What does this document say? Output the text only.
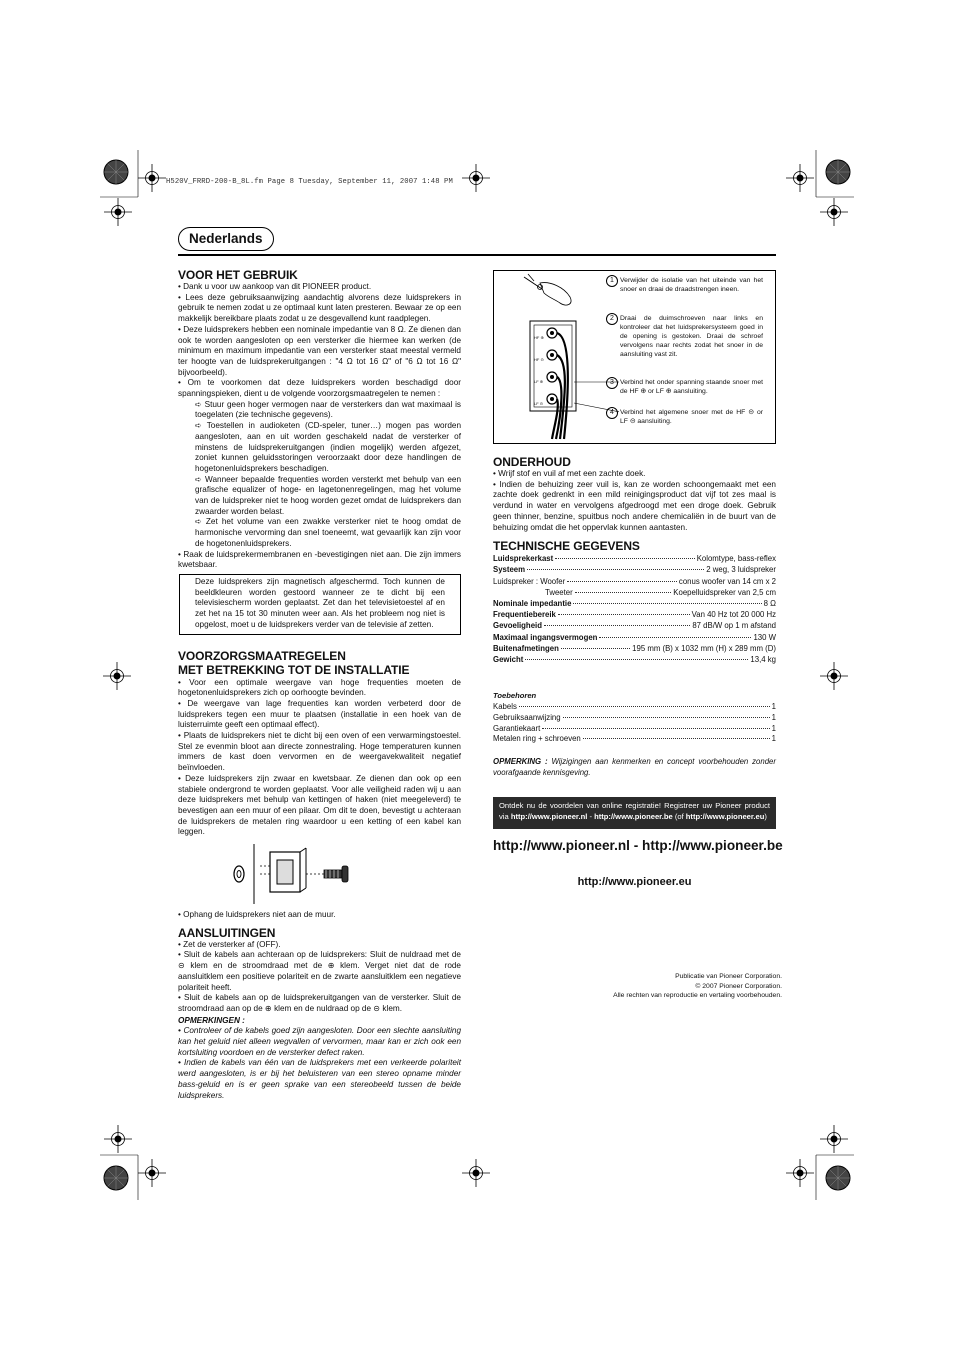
H520V_FRRD-200-B_8L.fm Page 8 Tuesday, September 11, 2007 1:48 PM
Nederlands
VOOR HET GEBRUIK

• Dank u voor uw aankoop van dit PIONEER product.

• Lees deze gebruiksaanwijzing aandachtig alvorens deze luidsprekers in gebruik te nemen zodat u ze optimaal kunt laten presteren. Bewaar ze op een makkelijk bereikbare plaats zodat u ze desgevallend kunt raadplegen.

• Deze luidsprekers hebben een nominale impedantie van 8 Ω. Ze dienen dan ook te worden aangesloten op een versterker die hiermee kan werken (de minimum en maximum impedantie van een versterker staat meestal vermeld ter hoogte van de luidsprekeruitgangen : "4 Ω tot 16 Ω" of "6 Ω tot 16 Ω" bijvoorbeeld).

• Om te voorkomen dat deze luidsprekers worden beschadigd door spanningspieken, dient u de volgende voorzorgsmaatregelen te nemen :

➪ Stuur geen hoger vermogen naar de versterkers dan wat maximaal is toegelaten (zie technische gegevens).

➪ Toestellen in audioketen (CD-speler, tuner…) mogen pas worden aangesloten, aan en uit worden geschakeld nadat de versterker of minstens de luidsprekeruitgangen (indien mogelijk) werden afgezet, zoniet kunnen geluidsstoringen veroorzaakt door deze handlingen de hogetonenluidsprekers beschadigen.

➪ Wanneer bepaalde frequenties worden versterkt met behulp van een grafische equalizer of hoge- en lagetonenregelingen, mag het volume van de luidspreker niet te hoog worden gezet omdat de luidsprekers dan zwaarder worden belast.

➪ Zet het volume van een zwakke versterker niet te hoog omdat de harmonische vervorming dan snel toeneemt, wat gevaarlijk kan zijn voor de hogetonenluidsprekers.

• Raak de luidsprekermembranen en -bevestigingen niet aan. Die zijn immers kwetsbaar.

Deze luidsprekers zijn magnetisch afgeschermd. Toch kunnen de beeldkleuren worden gestoord wanneer ze te dicht bij een televisiescherm worden geplaatst. Zet dan het televisietoestel af en zet het na 15 tot 30 minuten weer aan. Als het probleem nog niet is opgelost, moet u de luidsprekers verder van de televisie af zetten.

VOORZORGSMAATREGELEN
MET BETREKKING TOT DE INSTALLATIE

• Voor een optimale weergave van hoge frequenties moeten de hogetonenluidsprekers zich op oorhoogte bevinden.

• De weergave van lage frequenties kan worden verbeterd door de luidsprekers tegen een muur te plaatsen (installatie in een hoek van de luisterruimte geeft een optimaal effect).

• Plaats de luidsprekers niet te dicht bij een oven of een verwarmingstoestel. Stel ze evenmin bloot aan directe zonnestraling. Hoge temperaturen kunnen immers de kast doen vervormen en de weergavekwaliteit negatief beïnvloeden.

• Deze luidsprekers zijn zwaar en kwetsbaar. Ze dienen dan ook op een stabiele ondergrond te worden geplaatst. Voor alle veiligheid raden wij u aan deze luidsprekers met behulp van kettingen of haken (niet meegeleverd) te bevestigen aan een muur of een pilaar. Om dit te doen, bevestigt u achteraan de luidsprekers de metalen ring waardoor u een ketting of een kabel kan leggen.

• Ophang de luidsprekers niet aan de muur.

AANSLUITINGEN

• Zet de versterker af (OFF).

• Sluit de kabels aan achteraan op de luidsprekers: Sluit de nuldraad met de ⊝ klem en de stroomdraad met de ⊕ klem. Verget niet dat de rode aansluitklem een positieve polariteit en de zwarte aansluitklem een negatieve polariteit heeft.

• Sluit de kabels aan op de luidsprekeruitgangen van de versterker. Sluit de stroomdraad aan op de ⊕ klem en de nuldraad op de ⊝ klem.

OPMERKINGEN :

• Controleer of de kabels goed zijn aangesloten. Door een slechte aansluiting kan het geluid niet alleen wegvallen of vervormen, maar kan er zich ook een kortsluiting voordoen en de versterker defect raken.

• Indien de kabels van één van de luidsprekers met een verkeerde polariteit werd aangesloten, is er bij het beluisteren van een stereo opname minder bass-geluid en is er geen sprake van een stereobeeld tussen de beide luidsprekers.

HF ⊕
HF ⊝
LF ⊕
LF ⊝
1 Verwijder de isolatie van het uiteinde van het snoer en draai de draadstrengen ineen.
2 Draai de duimschroeven naar links en kontroleer dat het luidsprekersysteem goed in de opening is gestoken. Draai de schroef vervolgens naar rechts zodat het snoer in de aansluiting vast zit.
3 Verbind het onder spanning staande snoer met de HF ⊕ or LF ⊕ aansluiting.
4 Verbind het algemene snoer met de HF ⊝ or LF ⊝ aansluiting.
ONDERHOUD

• Wrijf stof en vuil af met een zachte doek.

• Indien de behuizing zeer vuil is, kan ze worden schoongemaakt met een zachte doek gedrenkt in een mild reinigingsproduct dat vijf tot zes maal is verdund in water en vervolgens afgedroogd met een droge doek. Gebruik geen thinner, benzine, spuitbus noch andere chemicaliën in de buurt van de behuizing omdat die het oppervlak kunnen aantasten.

TECHNISCHE GEGEVENS
Luidsprekerkast	Kolomtype, bass-reflex
Systeem	2 weg, 3 luidspreker
Luidspreker : Woofer	conus woofer van 14 cm x 2
Tweeter	Koepelluidspreker van 2,5 cm
Nominale impedantie	8 Ω
Frequentiebereik	Van 40 Hz tot 20 000 Hz
Gevoeligheid	87 dB/W op 1 m afstand
Maximaal ingangsvermogen	130 W
Buitenafmetingen	195 mm (B) x 1032 mm (H) x 289 mm (D)
Gewicht	13,4 kg

Toebehoren

Kabels	1
Gebruiksaanwijzing	1
Garantiekaart	1
Metalen ring + schroeven	1

OPMERKING : Wijzigingen aan kenmerken en concept voorbehouden zonder voorafgaande kennisgeving.

Ontdek nu de voordelen van online registratie! Registreer uw Pioneer product via http://www.pioneer.nl - http://www.pioneer.be (of http://www.pioneer.eu)
http://www.pioneer.nl - http://www.pioneer.be
http://www.pioneer.eu
Publicatie van Pioneer Corporation.
© 2007 Pioneer Corporation.
Alle rechten van reproductie en vertaling voorbehouden.
